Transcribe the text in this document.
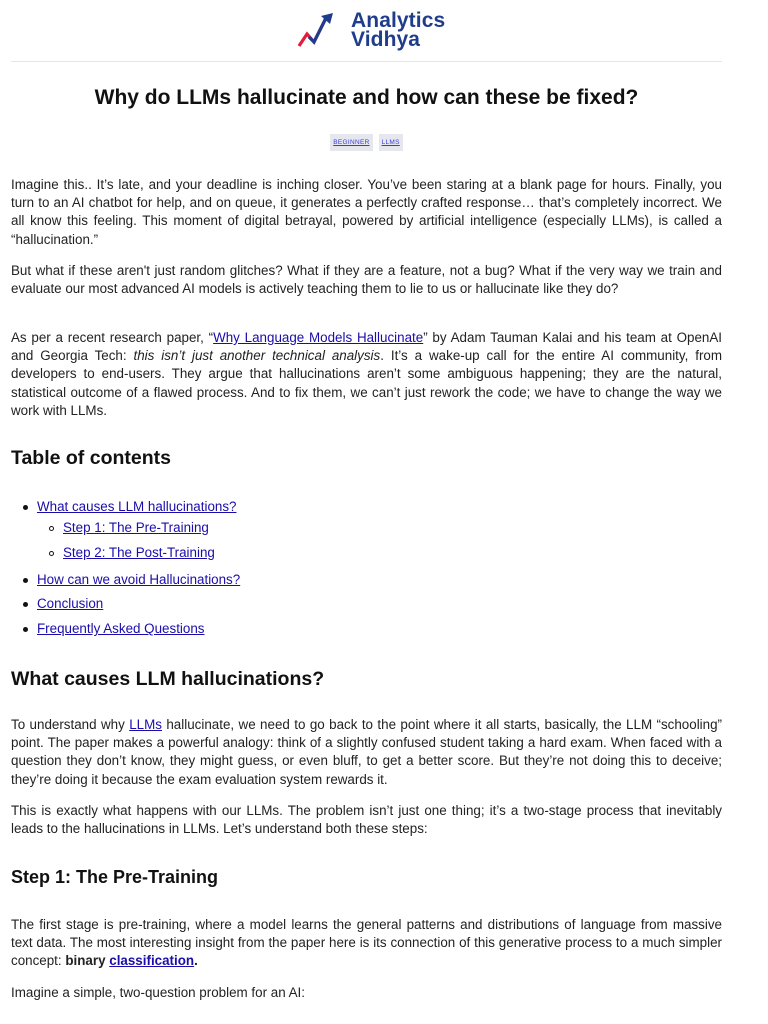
Analytics
Vidhya
Why do LLMs hallucinate and how can these be fixed?
BEGINNER	LLMS

Imagine this.. It’s late, and your deadline is inching closer. You’ve been staring at a blank page for hours. Finally, you turn to an AI chatbot for help, and on queue, it generates a perfectly crafted response… that’s completely incorrect. We all know this feeling. This moment of digital betrayal, powered by artificial intelligence (especially LLMs), is called a “hallucination.”

But what if these aren't just random glitches? What if they are a feature, not a bug? What if the very way we train and evaluate our most advanced AI models is actively teaching them to lie to us or hallucinate like they do?

As per a recent research paper, “Why Language Models Hallucinate” by Adam Tauman Kalai and his team at OpenAI and Georgia Tech: this isn’t just another technical analysis. It’s a wake-up call for the entire AI community, from developers to end-users. They argue that hallucinations aren’t some ambiguous happening; they are the natural, statistical outcome of a flawed process. And to fix them, we can’t just rework the code; we have to change the way we work with LLMs.

Table of contents
What causes LLM hallucinations?
Step 1: The Pre-Training
Step 2: The Post-Training
How can we avoid Hallucinations?
Conclusion
Frequently Asked Questions
What causes LLM hallucinations?

To understand why LLMs hallucinate, we need to go back to the point where it all starts, basically, the LLM “schooling” point. The paper makes a powerful analogy: think of a slightly confused student taking a hard exam. When faced with a question they don’t know, they might guess, or even bluff, to get a better score. But they’re not doing this to deceive; they’re doing it because the exam evaluation system rewards it.

This is exactly what happens with our LLMs. The problem isn’t just one thing; it’s a two-stage process that inevitably leads to the hallucinations in LLMs. Let’s understand both these steps:

Step 1: The Pre-Training

The first stage is pre-training, where a model learns the general patterns and distributions of language from massive text data. The most interesting insight from the paper here is its connection of this generative process to a much simpler concept: binary classification.

Imagine a simple, two-question problem for an AI:
